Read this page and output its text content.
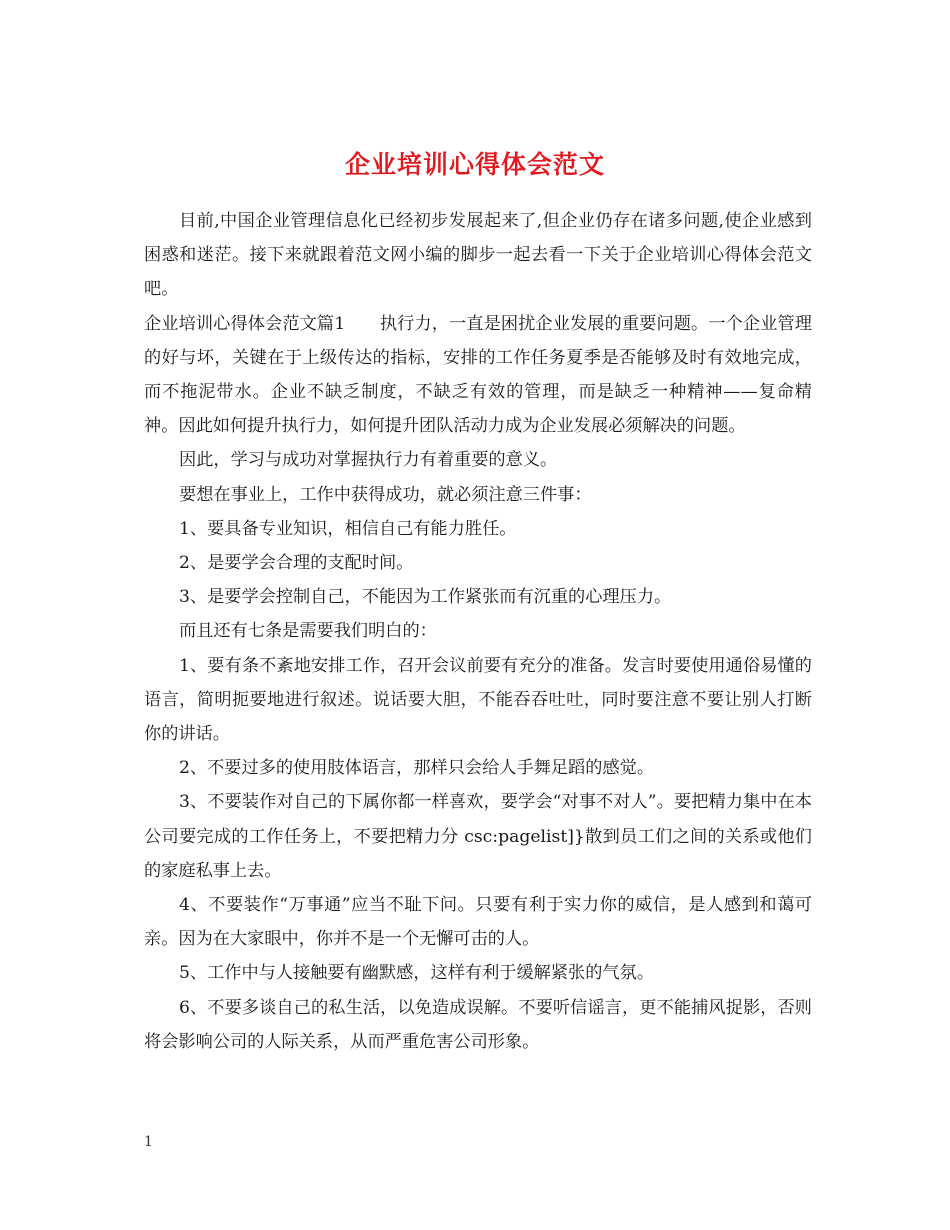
企业培训心得体会范文

目前,中国企业管理信息化已经初步发展起来了,但企业仍存在诸多问题,使企业感到困惑和迷茫。接下来就跟着范文网小编的脚步一起去看一下关于企业培训心得体会范文吧。

企业培训心得体会范文篇1　　执行力，一直是困扰企业发展的重要问题。一个企业管理的好与坏，关键在于上级传达的指标，安排的工作任务夏季是否能够及时有效地完成，而不拖泥带水。企业不缺乏制度，不缺乏有效的管理，而是缺乏一种精神——复命精神。因此如何提升执行力，如何提升团队活动力成为企业发展必须解决的问题。

因此，学习与成功对掌握执行力有着重要的意义。

要想在事业上，工作中获得成功，就必须注意三件事：

1、要具备专业知识，相信自己有能力胜任。

2、是要学会合理的支配时间。

3、是要学会控制自己，不能因为工作紧张而有沉重的心理压力。

而且还有七条是需要我们明白的：

1、要有条不紊地安排工作，召开会议前要有充分的准备。发言时要使用通俗易懂的语言，简明扼要地进行叙述。说话要大胆，不能吞吞吐吐，同时要注意不要让别人打断你的讲话。

2、不要过多的使用肢体语言，那样只会给人手舞足蹈的感觉。

3、不要装作对自己的下属你都一样喜欢，要学会“对事不对人”。要把精力集中在本公司要完成的工作任务上，不要把精力分 csc:pagelist]}散到员工们之间的关系或他们的家庭私事上去。

4、不要装作“万事通”应当不耻下问。只要有利于实力你的威信，是人感到和蔼可亲。因为在大家眼中，你并不是一个无懈可击的人。

5、工作中与人接触要有幽默感，这样有利于缓解紧张的气氛。

6、不要多谈自己的私生活，以免造成误解。不要听信谣言，更不能捕风捉影，否则将会影响公司的人际关系，从而严重危害公司形象。

1
